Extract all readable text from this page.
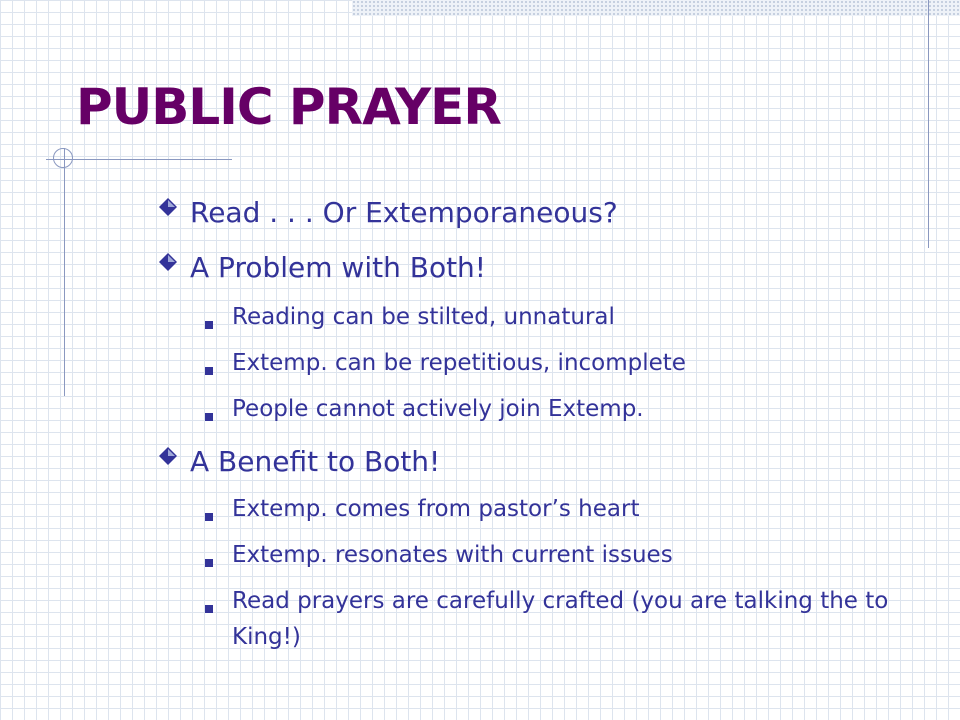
PUBLIC PRAYER
Read . . . Or Extemporaneous?
A Problem with Both!
Reading can be stilted, unnatural
Extemp. can be repetitious, incomplete
People cannot actively join Extemp.
A Benefit to Both!
Extemp. comes from pastor’s heart
Extemp. resonates with current issues
Read prayers are carefully crafted (you are talking the to King!)
